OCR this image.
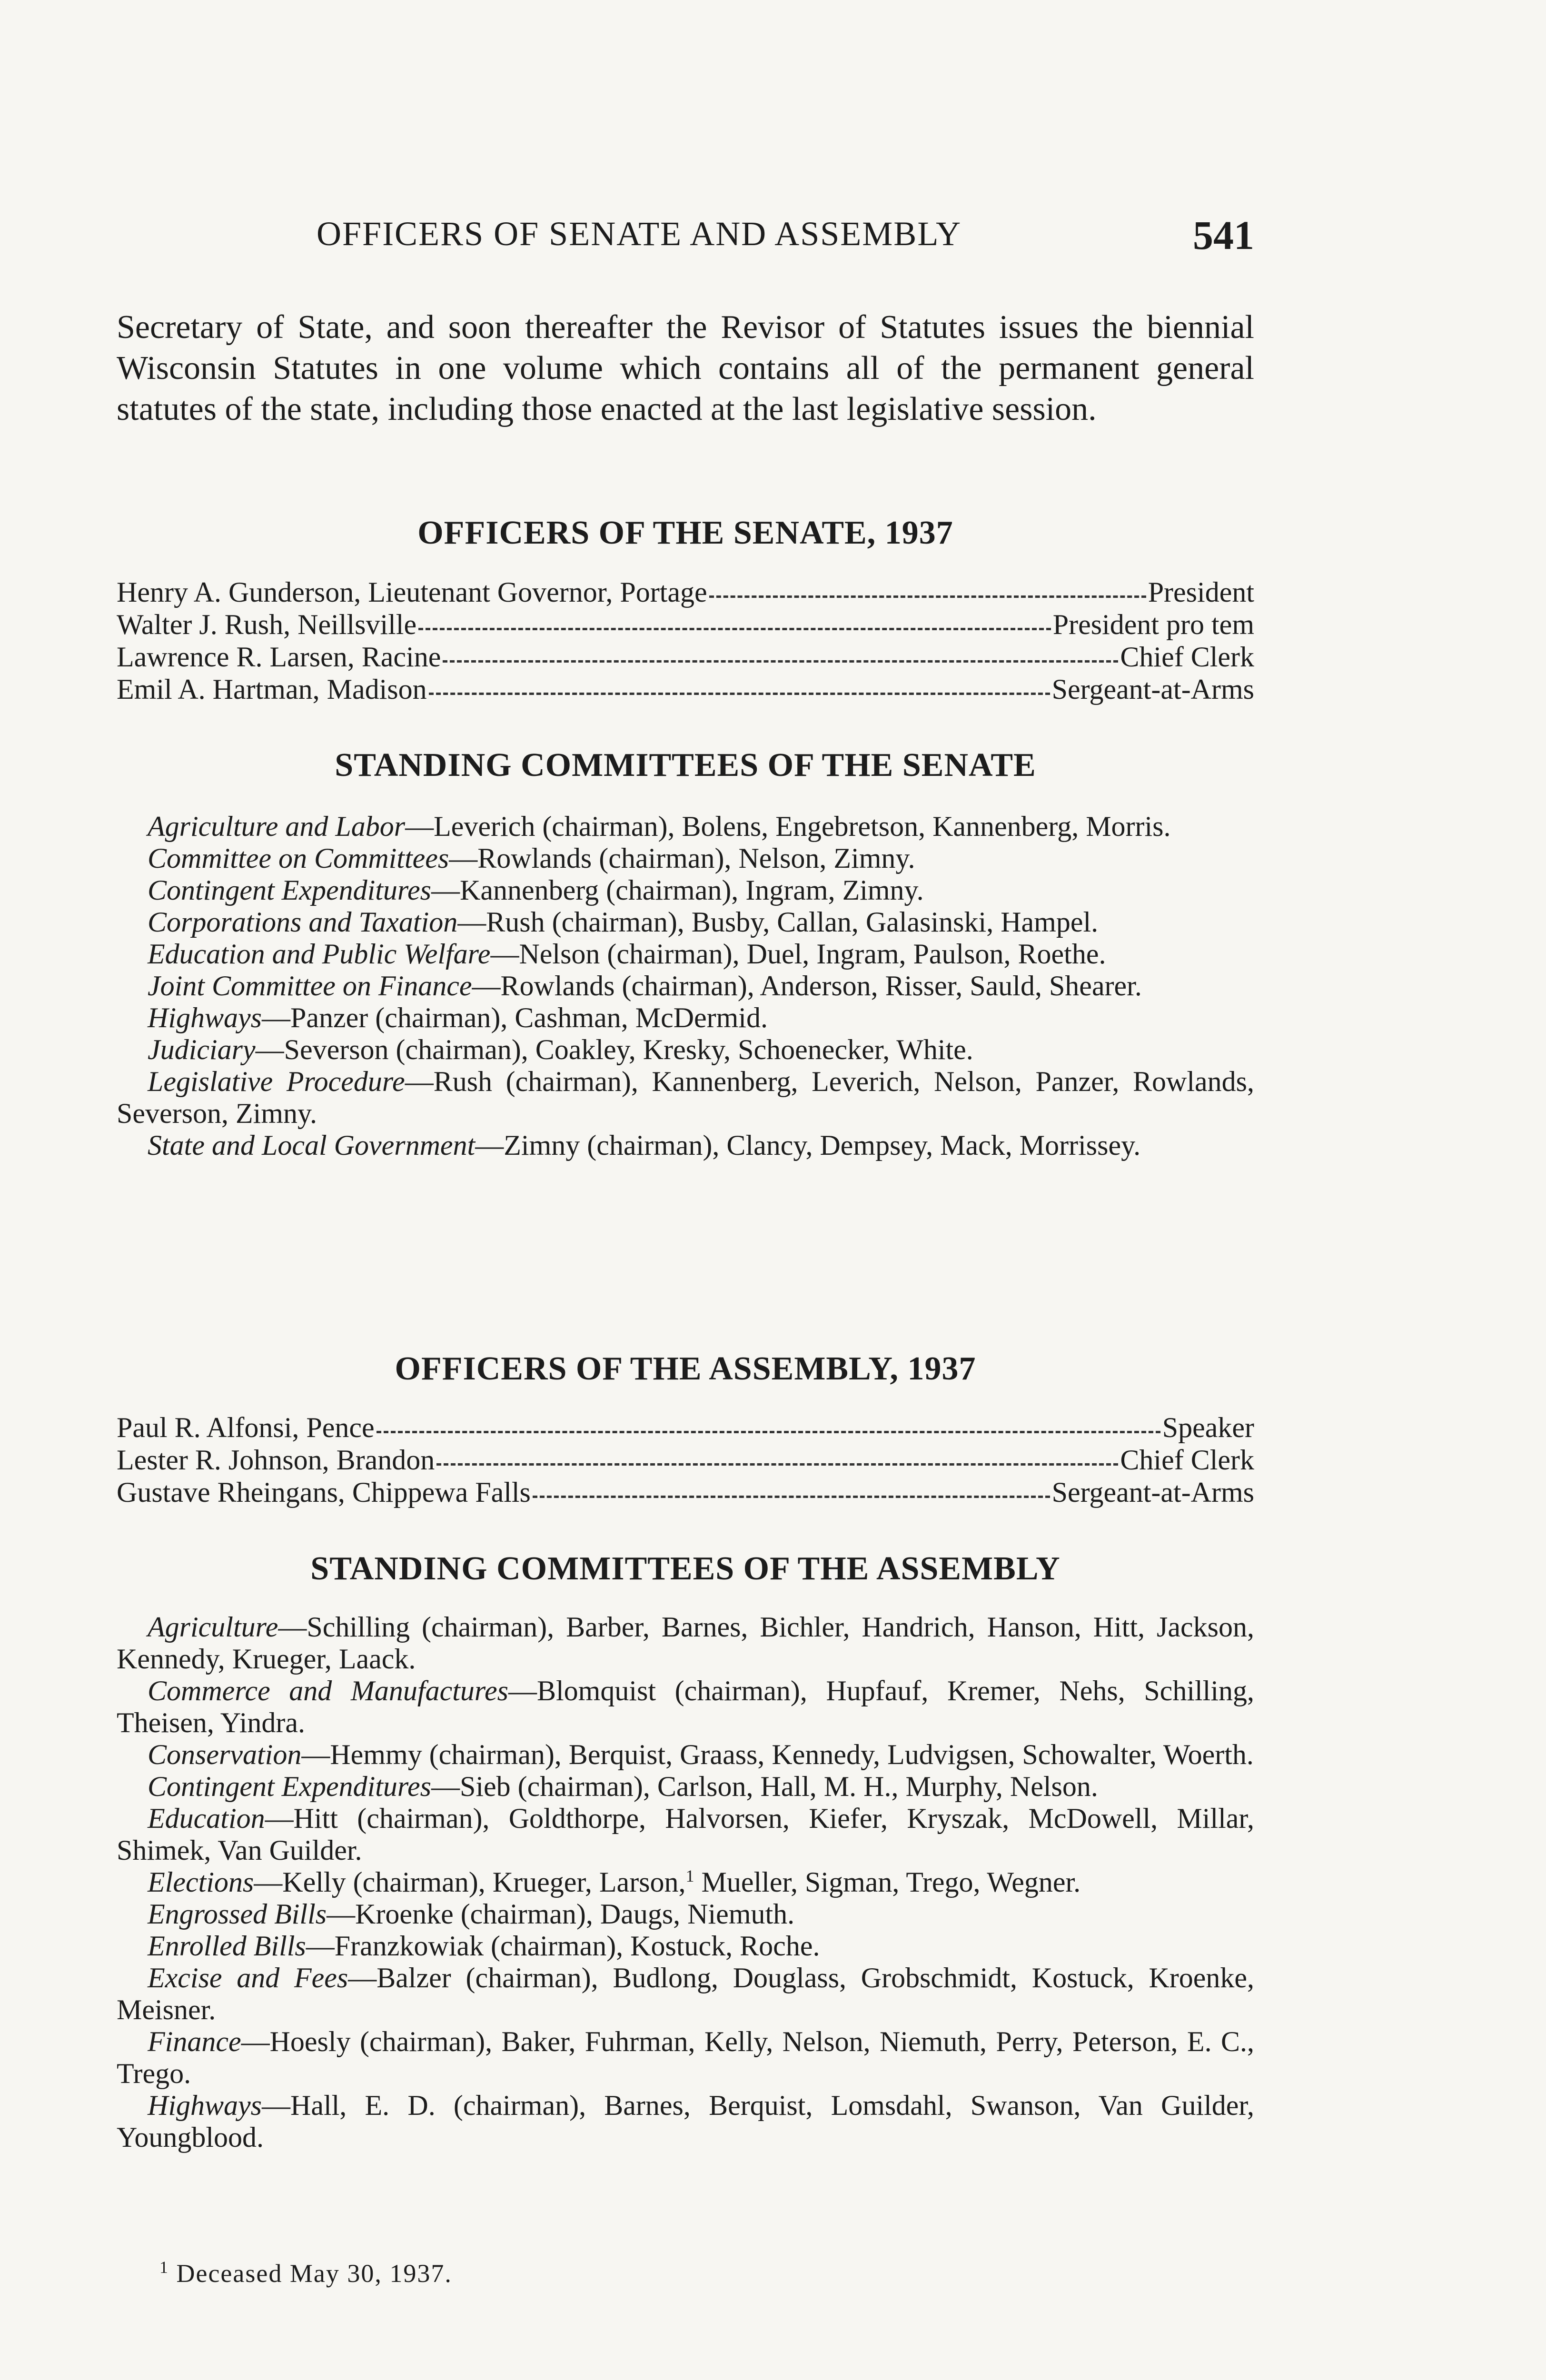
OFFICERS OF SENATE AND ASSEMBLY	541
Secretary of State, and soon thereafter the Revisor of Statutes issues the biennial Wisconsin Statutes in one volume which contains all of the permanent general statutes of the state, including those enacted at the last legislative session.
OFFICERS OF THE SENATE, 1937
Henry A. Gunderson, Lieutenant Governor, Portage	President
Walter J. Rush, Neillsville	President pro tem
Lawrence R. Larsen, Racine	Chief Clerk
Emil A. Hartman, Madison	Sergeant-at-Arms
STANDING COMMITTEES OF THE SENATE
Agriculture and Labor—Leverich (chairman), Bolens, Engebretson, Kannenberg, Morris.
Committee on Committees—Rowlands (chairman), Nelson, Zimny.
Contingent Expenditures—Kannenberg (chairman), Ingram, Zimny.
Corporations and Taxation—Rush (chairman), Busby, Callan, Galasinski, Hampel.
Education and Public Welfare—Nelson (chairman), Duel, Ingram, Paulson, Roethe.
Joint Committee on Finance—Rowlands (chairman), Anderson, Risser, Sauld, Shearer.
Highways—Panzer (chairman), Cashman, McDermid.
Judiciary—Severson (chairman), Coakley, Kresky, Schoenecker, White.
Legislative Procedure—Rush (chairman), Kannenberg, Leverich, Nelson, Panzer, Rowlands, Severson, Zimny.
State and Local Government—Zimny (chairman), Clancy, Dempsey, Mack, Morrissey.
OFFICERS OF THE ASSEMBLY, 1937
Paul R. Alfonsi, Pence	Speaker
Lester R. Johnson, Brandon	Chief Clerk
Gustave Rheingans, Chippewa Falls	Sergeant-at-Arms
STANDING COMMITTEES OF THE ASSEMBLY
Agriculture—Schilling (chairman), Barber, Barnes, Bichler, Handrich, Hanson, Hitt, Jackson, Kennedy, Krueger, Laack.
Commerce and Manufactures—Blomquist (chairman), Hupfauf, Kremer, Nehs, Schilling, Theisen, Yindra.
Conservation—Hemmy (chairman), Berquist, Graass, Kennedy, Ludvigsen, Schowalter, Woerth.
Contingent Expenditures—Sieb (chairman), Carlson, Hall, M. H., Murphy, Nelson.
Education—Hitt (chairman), Goldthorpe, Halvorsen, Kiefer, Kryszak, McDowell, Millar, Shimek, Van Guilder.
Elections—Kelly (chairman), Krueger, Larson,$^1$ Mueller, Sigman, Trego, Wegner.
Engrossed Bills—Kroenke (chairman), Daugs, Niemuth.
Enrolled Bills—Franzkowiak (chairman), Kostuck, Roche.
Excise and Fees—Balzer (chairman), Budlong, Douglass, Grobschmidt, Kostuck, Kroenke, Meisner.
Finance—Hoesly (chairman), Baker, Fuhrman, Kelly, Nelson, Niemuth, Perry, Peterson, E. C., Trego.
Highways—Hall, E. D. (chairman), Barnes, Berquist, Lomsdahl, Swanson, Van Guilder, Youngblood.
$^1$ Deceased May 30, 1937.
